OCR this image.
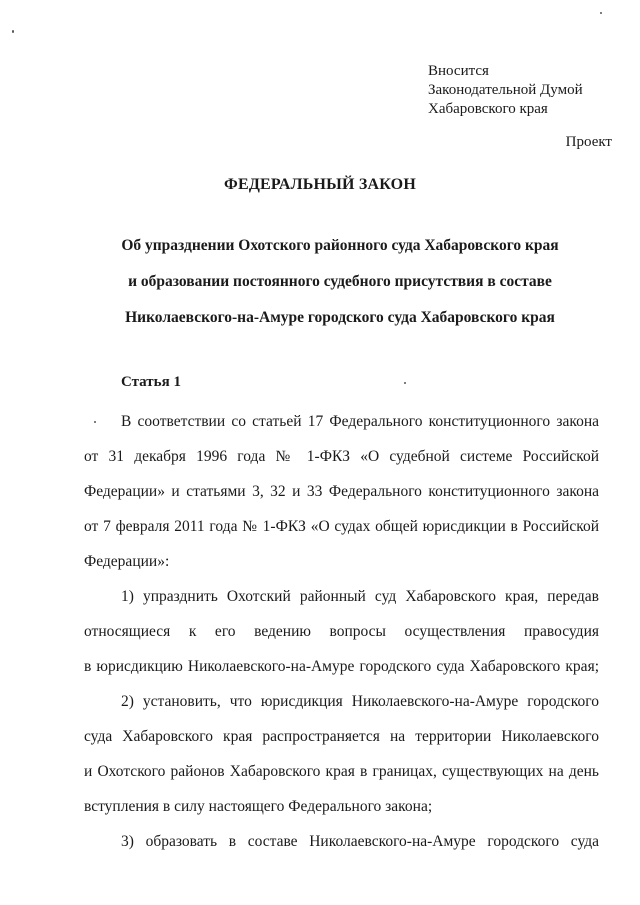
Вносится
Законодательной Думой
Хабаровского края
Проект
ФЕДЕРАЛЬНЫЙ ЗАКОН
Об упразднении Охотского районного суда Хабаровского края
и образовании постоянного судебного присутствия в составе
Николаевского-на-Амуре городского суда Хабаровского края
Статья 1
В соответствии со статьей 17 Федерального конституционного закона
от 31 декабря 1996 года № 1-ФКЗ «О судебной системе Российской
Федерации» и статьями 3, 32 и 33 Федерального конституционного закона
от 7 февраля 2011 года № 1-ФКЗ «О судах общей юрисдикции в Российской
Федерации»:
1) упразднить Охотский районный суд Хабаровского края, передав
относящиеся к его ведению вопросы осуществления правосудия
в юрисдикцию Николаевского-на-Амуре городского суда Хабаровского края;
2) установить, что юрисдикция Николаевского-на-Амуре городского
суда Хабаровского края распространяется на территории Николаевского
и Охотского районов Хабаровского края в границах, существующих на день
вступления в силу настоящего Федерального закона;
3) образовать в составе Николаевского-на-Амуре городского суда
